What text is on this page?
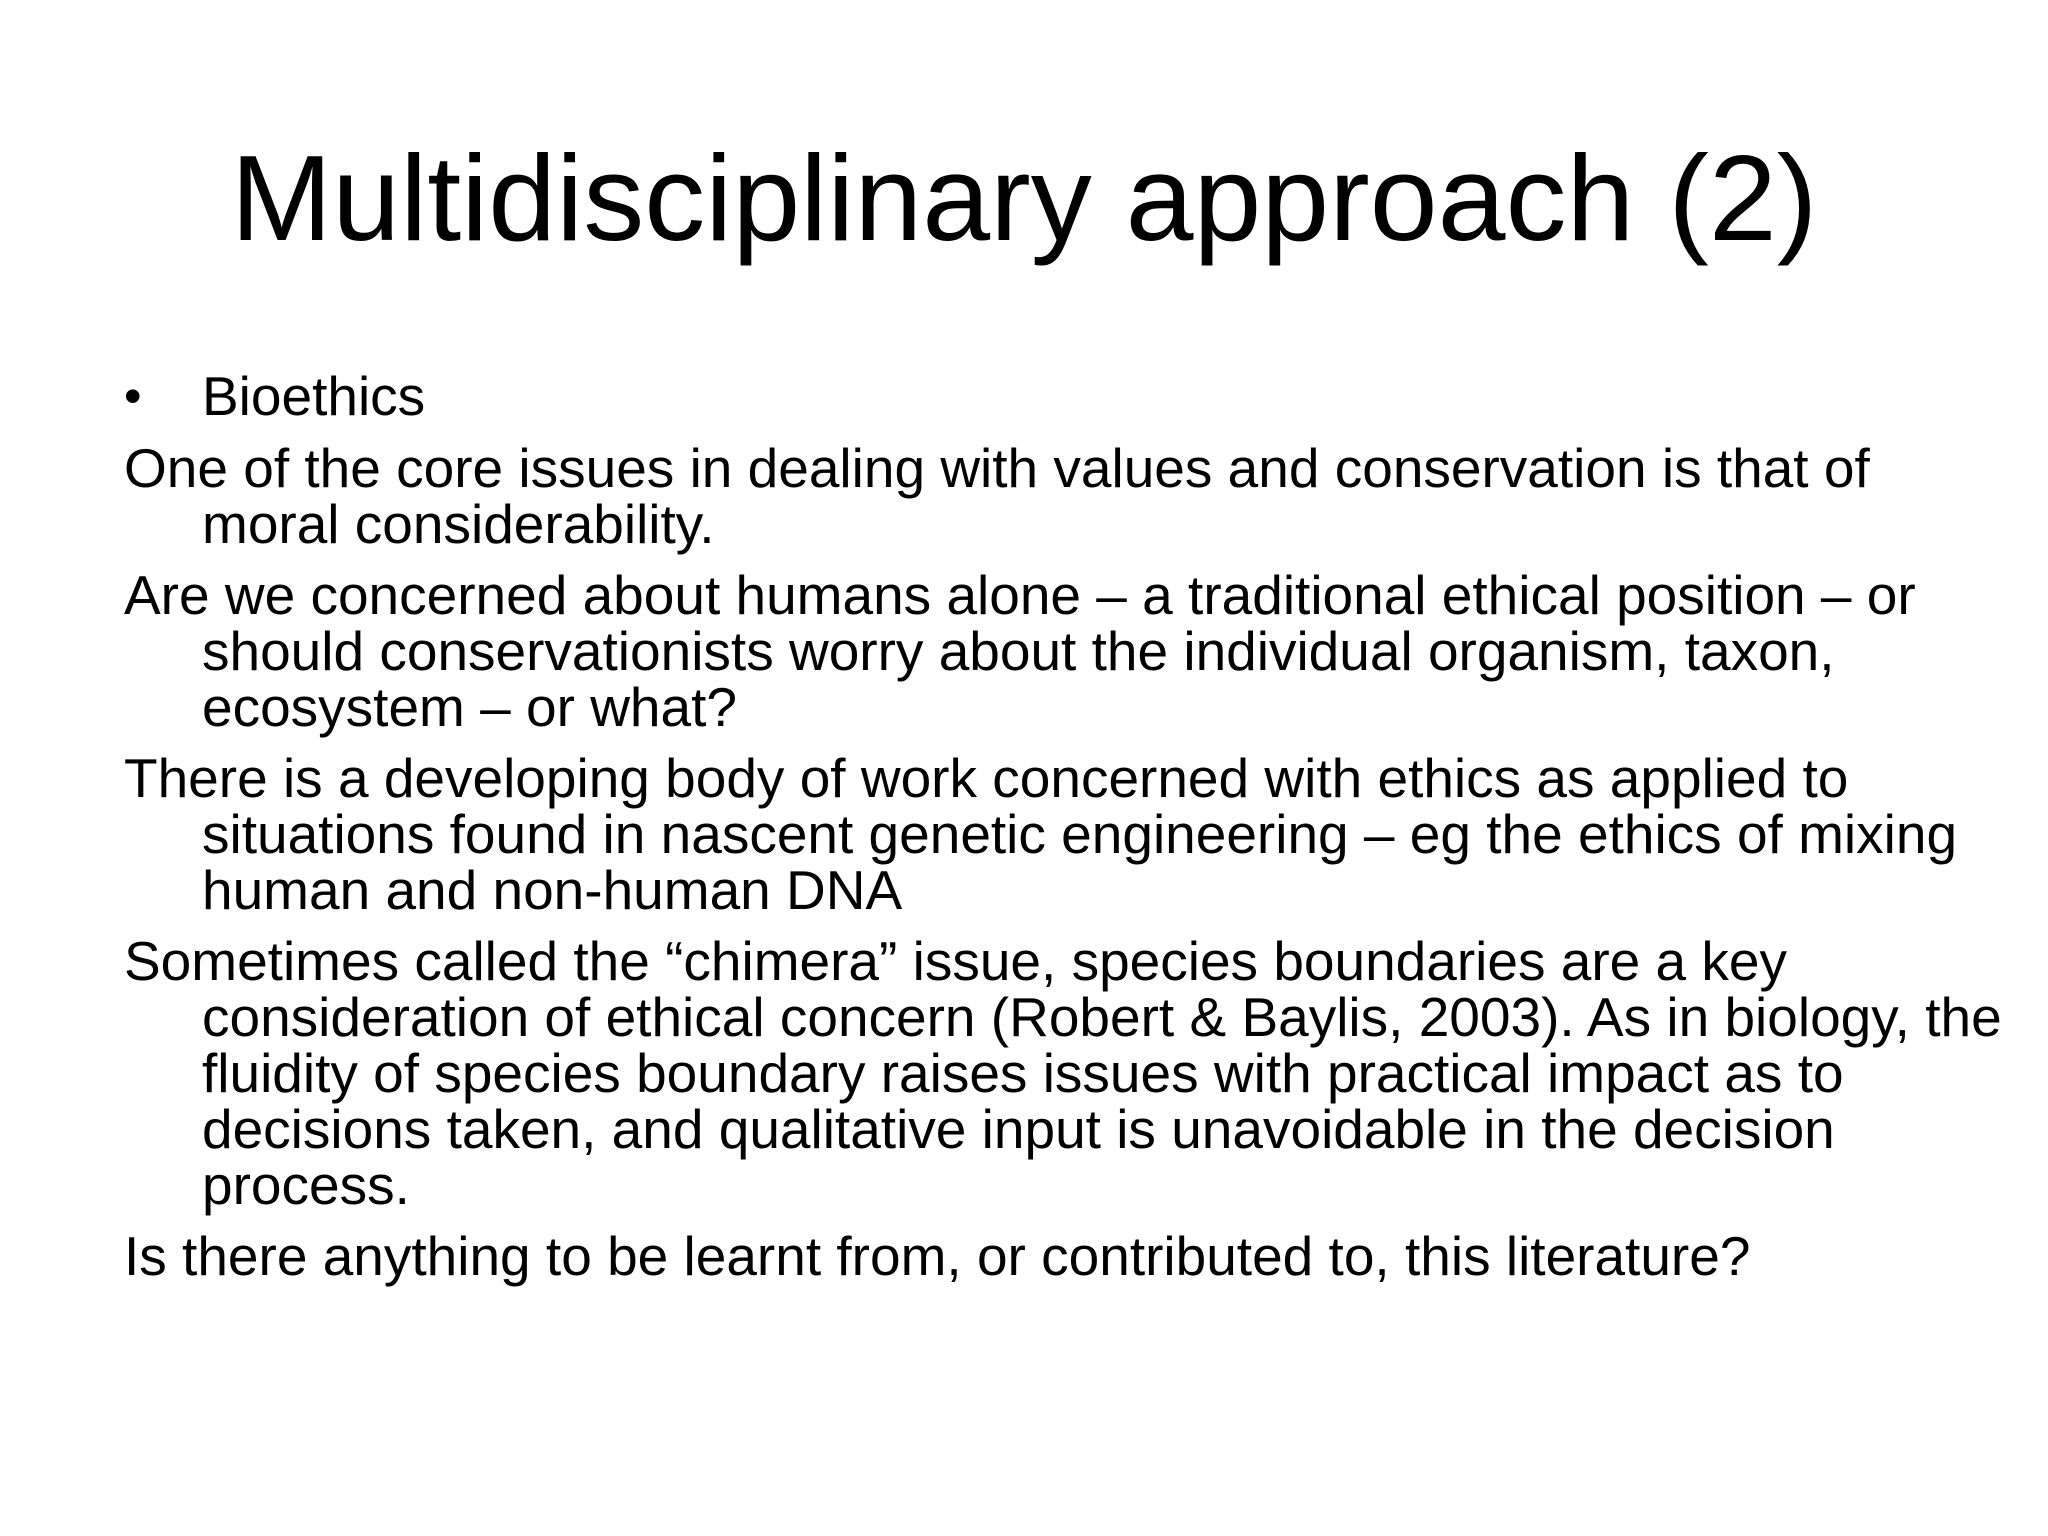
Multidisciplinary approach (2)
• Bioethics

One of the core issues in dealing with values and conservation is that of moral considerability.

Are we concerned about humans alone – a traditional ethical position – or should conservationists worry about the individual organism, taxon, ecosystem – or what?

There is a developing body of work concerned with ethics as applied to situations found in nascent genetic engineering – eg the ethics of mixing human and non-human DNA

Sometimes called the “chimera” issue, species boundaries are a key consideration of ethical concern (Robert & Baylis, 2003). As in biology, the fluidity of species boundary raises issues with practical impact as to decisions taken, and qualitative input is unavoidable in the decision process.

Is there anything to be learnt from, or contributed to, this literature?
